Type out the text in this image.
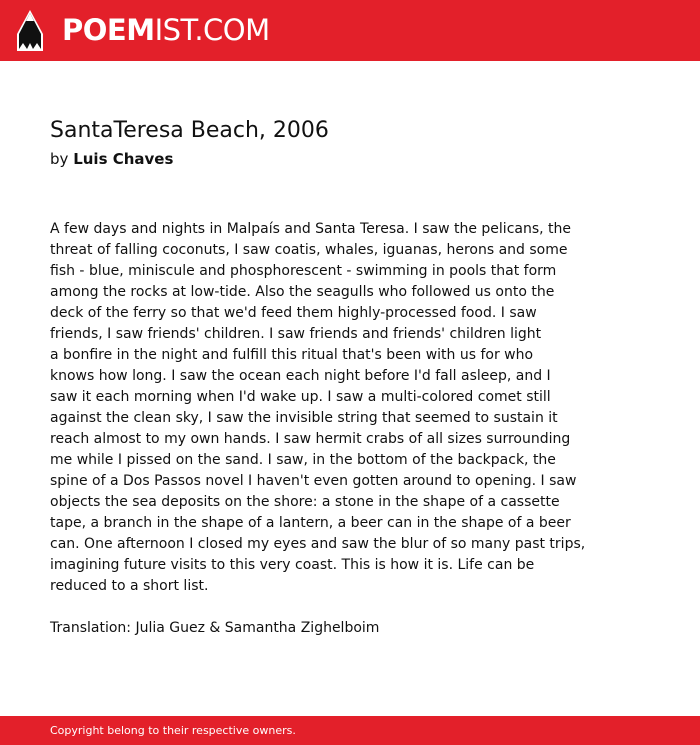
POEMIST.COM
SantaTeresa Beach, 2006
by Luis Chaves
A few days and nights in Malpaís and Santa Teresa. I saw the pelicans, the
threat of falling coconuts, I saw coatis, whales, iguanas, herons and some
fish - blue, miniscule and phosphorescent - swimming in pools that form
among the rocks at low-tide. Also the seagulls who followed us onto the
deck of the ferry so that we'd feed them highly-processed food. I saw
friends, I saw friends' children. I saw friends and friends' children light
a bonfire in the night and fulfill this ritual that's been with us for who
knows how long. I saw the ocean each night before I'd fall asleep, and I
saw it each morning when I'd wake up. I saw a multi-colored comet still
against the clean sky, I saw the invisible string that seemed to sustain it
reach almost to my own hands. I saw hermit crabs of all sizes surrounding
me while I pissed on the sand. I saw, in the bottom of the backpack, the
spine of a Dos Passos novel I haven't even gotten around to opening. I saw
objects the sea deposits on the shore: a stone in the shape of a cassette
tape, a branch in the shape of a lantern, a beer can in the shape of a beer
can. One afternoon I closed my eyes and saw the blur of so many past trips,
imagining future visits to this very coast. This is how it is. Life can be
reduced to a short list.
Translation: Julia Guez & Samantha Zighelboim
Copyright belong to their respective owners.
